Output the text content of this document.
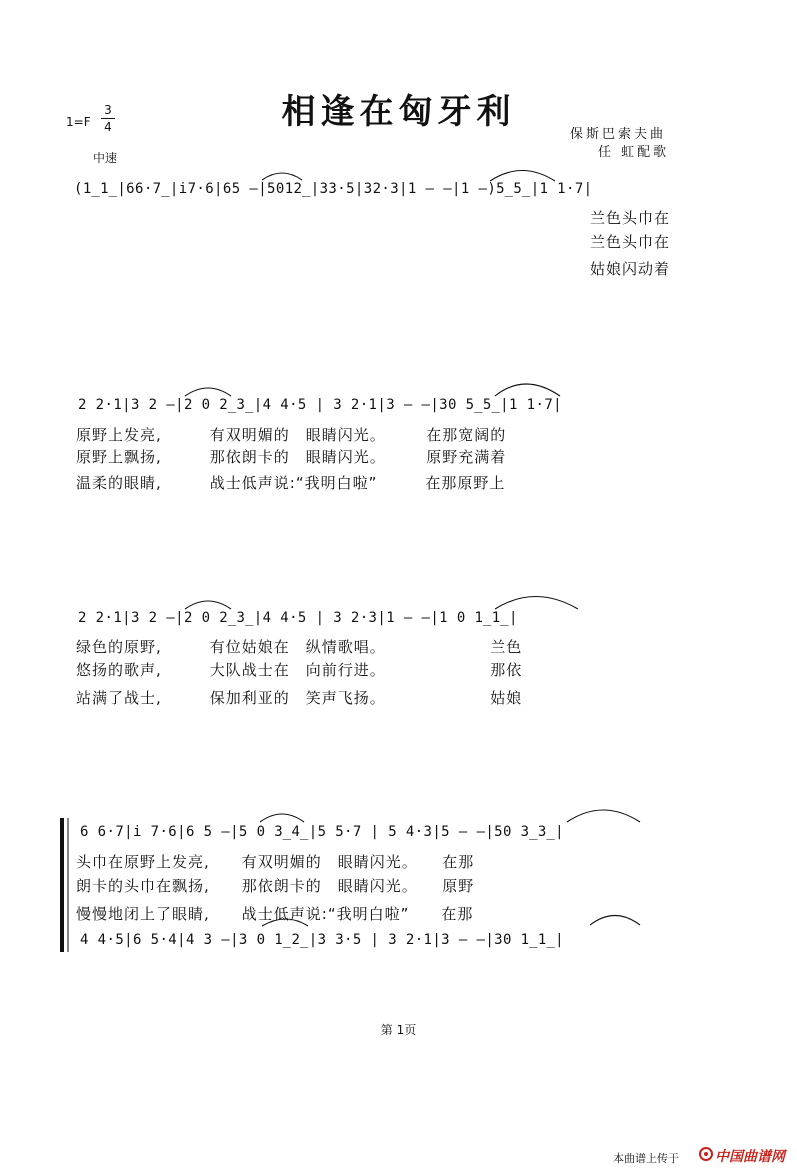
相逢在匈牙利
1=F
3
4
中速
保斯巴索夫曲
任 虹配歌
(1̲1̲|66·7̲|i̇7·6|65 –|5012̲|33·5|32·3|1 – –|1 –)5̲5̲|1 1·7|
兰色头巾在
兰色头巾在
姑娘闪动着
2 2·1|3 2 –|2 0 2̲3̲|4 4·5 | 3 2·1|3 – –|30 5̲5̲|1 1·7|
原野上发亮,　　　有双明媚的　眼睛闪光。　　　在那宽阔的
原野上飘扬,　　　那依朗卡的　眼睛闪光。　　　原野充满着
温柔的眼睛,　　　战士低声说:“我明白啦”　　　在那原野上
2 2·1|3 2 –|2 0 2̲3̲|4 4·5 | 3 2·3|1 – –|1 0 1̲1̲|
绿色的原野,　　　有位姑娘在　纵情歌唱。　　　　　　　兰色
悠扬的歌声,　　　大队战士在　向前行进。　　　　　　　那依
站满了战士,　　　保加利亚的　笑声飞扬。　　　　　　　姑娘
6 6·7|i 7·6|6 5 –|5 0 3̲4̲|5 5·7 | 5 4·3|5 – –|50 3̲3̲|
头巾在原野上发亮,　　有双明媚的　眼睛闪光。　　在那
朗卡的头巾在飘扬,　　那依朗卡的　眼睛闪光。　　原野
慢慢地闭上了眼睛,　　战士低声说:“我明白啦”　　在那
4 4·5|6 5·4|4 3 –|3 0 1̲2̲|3 3·5 | 3 2·1|3 – –|30 1̲1̲|
第 1页
本曲谱上传于	中国曲谱网
